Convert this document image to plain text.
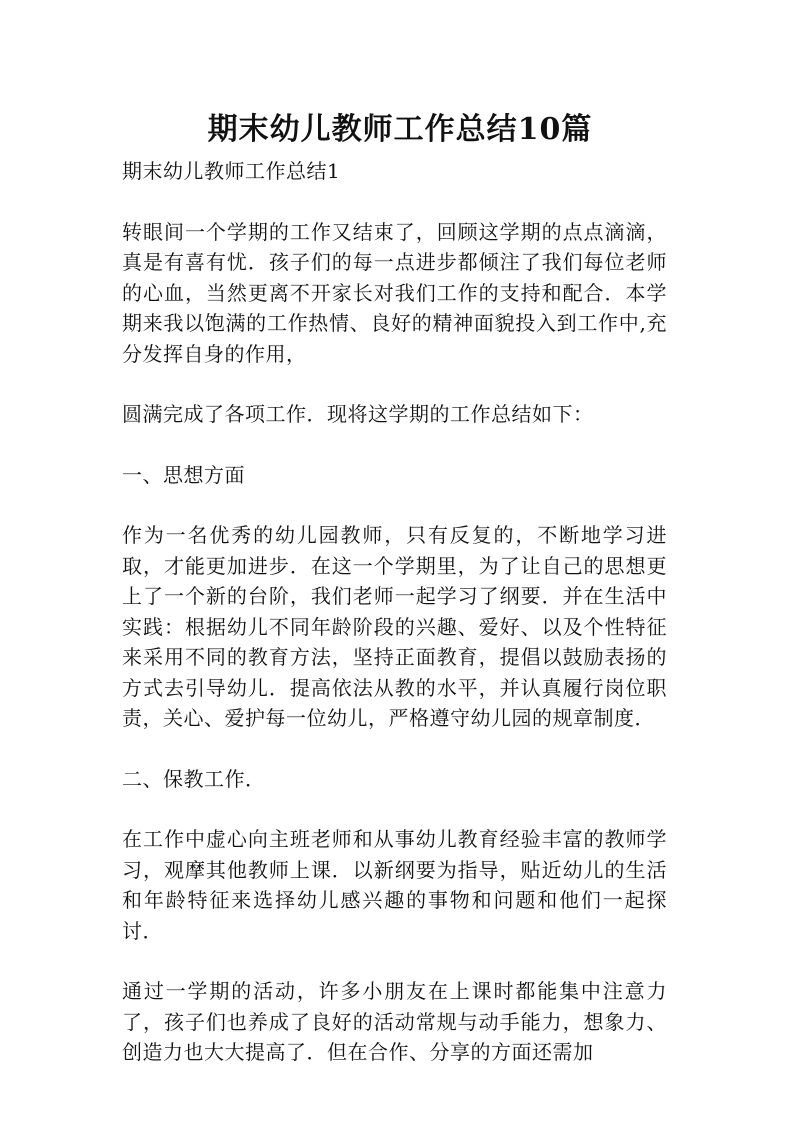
期末幼儿教师工作总结10篇

期末幼儿教师工作总结1

转眼间一个学期的工作又结束了，回顾这学期的点点滴滴，真是有喜有忧．孩子们的每一点进步都倾注了我们每位老师的心血，当然更离不开家长对我们工作的支持和配合．本学期来我以饱满的工作热情、良好的精神面貌投入到工作中,充分发挥自身的作用，

圆满完成了各项工作．现将这学期的工作总结如下：

一、思想方面

作为一名优秀的幼儿园教师，只有反复的，不断地学习进取，才能更加进步．在这一个学期里，为了让自己的思想更上了一个新的台阶，我们老师一起学习了纲要．并在生活中实践：根据幼儿不同年龄阶段的兴趣、爱好、以及个性特征来采用不同的教育方法，坚持正面教育，提倡以鼓励表扬的方式去引导幼儿．提高依法从教的水平，并认真履行岗位职责，关心、爱护每一位幼儿，严格遵守幼儿园的规章制度．

二、保教工作．

在工作中虚心向主班老师和从事幼儿教育经验丰富的教师学习，观摩其他教师上课．以新纲要为指导，贴近幼儿的生活和年龄特征来选择幼儿感兴趣的事物和问题和他们一起探讨．

通过一学期的活动，许多小朋友在上课时都能集中注意力了，孩子们也养成了良好的活动常规与动手能力，想象力、创造力也大大提高了．但在合作、分享的方面还需加
